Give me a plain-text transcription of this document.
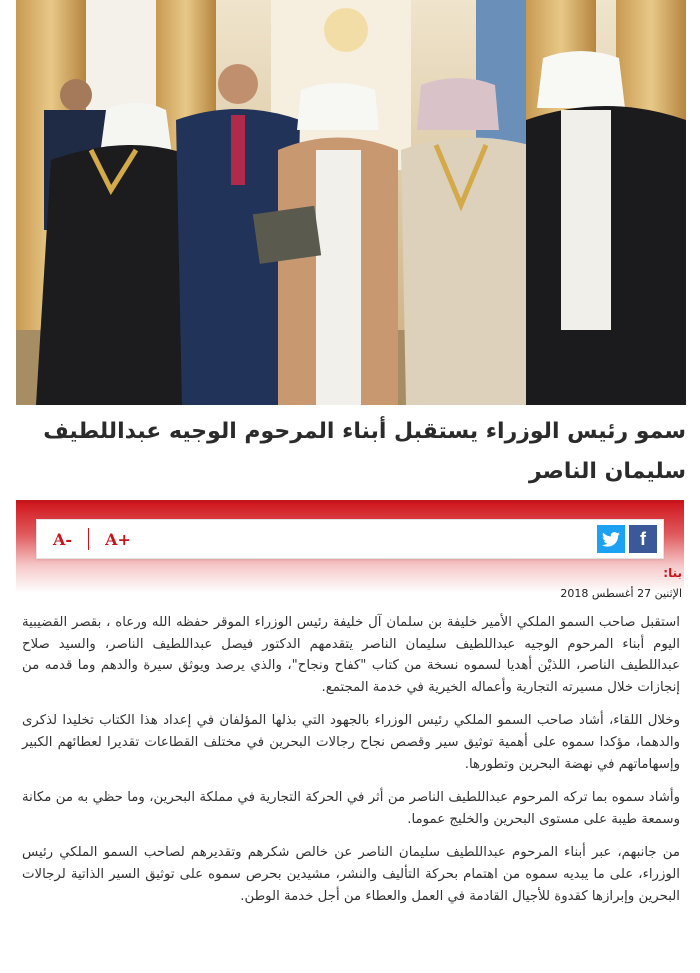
سمو رئيس الوزراء يستقبل أبناء المرحوم الوجيه عبداللطيف سليمان الناصر
A- A+	f
بنا:
الإثنين 27 أغسطس 2018

استقبل صاحب السمو الملكي الأمير خليفة بن سلمان آل خليفة رئيس الوزراء الموقر حفظه الله ورعاه ، بقصر القضيبية اليوم أبناء المرحوم الوجيه عبداللطيف سليمان الناصر يتقدمهم الدكتور فيصل عبداللطيف الناصر، والسيد صلاح عبداللطيف الناصر، اللذيْن أهديا لسموه نسخة من كتاب "كفاح ونجاح"، والذي يرصد ويوثق سيرة والدهم وما قدمه من إنجازات خلال مسيرته التجارية وأعماله الخيرية في خدمة المجتمع.

وخلال اللقاء، أشاد صاحب السمو الملكي رئيس الوزراء بالجهود التي بذلها المؤلفان في إعداد هذا الكتاب تخليدا لذكرى والدهما، مؤكدا سموه على أهمية توثيق سير وقصص نجاح رجالات البحرين في مختلف القطاعات تقديرا لعطائهم الكبير وإسهاماتهم في نهضة البحرين وتطورها.

وأشاد سموه بما تركه المرحوم عبداللطيف الناصر من أثر في الحركة التجارية في مملكة البحرين، وما حظي به من مكانة وسمعة طيبة على مستوى البحرين والخليج عموما.

من جانبهم، عبر أبناء المرحوم عبداللطيف سليمان الناصر عن خالص شكرهم وتقديرهم لصاحب السمو الملكي رئيس الوزراء، على ما يبديه سموه من اهتمام بحركة التأليف والنشر، مشيدين بحرص سموه على توثيق السير الذاتية لرجالات البحرين وإبرازها كقدوة للأجيال القادمة في العمل والعطاء من أجل خدمة الوطن.
